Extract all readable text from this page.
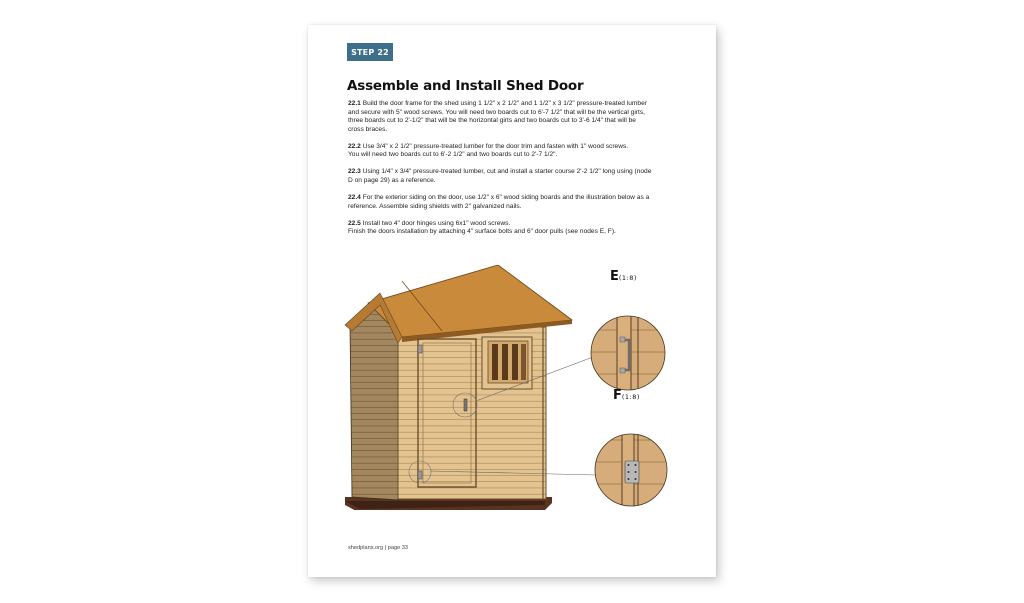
STEP 22
Assemble and Install Shed Door

22.1 Build the door frame for the shed using 1 1/2" x 2 1/2" and 1 1/2" x 3 1/2" pressure-treated lumber
and secure with 5" wood screws. You will need two boards cut to 6'-7 1/2" that will be the vertical girts,
three boards cut to 2'-1/2" that will be the horizontal girts and two boards cut to 3'-6 1/4" that will be
cross braces.

22.2 Use 3/4" x 2 1/2" pressure-treated lumber for the door trim and fasten with 1" wood screws.
You will need two boards cut to 6'-2 1/2" and two boards cut to 2'-7 1/2".

22.3 Using 1/4" x 3/4" pressure-treated lumber, cut and install a starter course 2'-2 1/2" long using (node
D on page 29) as a reference.

22.4 For the exterior siding on the door, use 1/2" x 6" wood siding boards and the illustration below as a
reference. Assemble siding shields with 2" galvanized nails.

22.5 Install two 4" door hinges using 6x1" wood screws.
Finish the doors installation by attaching 4" surface bolts and 6" door pulls (see nodes E, F).

E(1:8)
F(1:8)
shedplans.org | page 33
